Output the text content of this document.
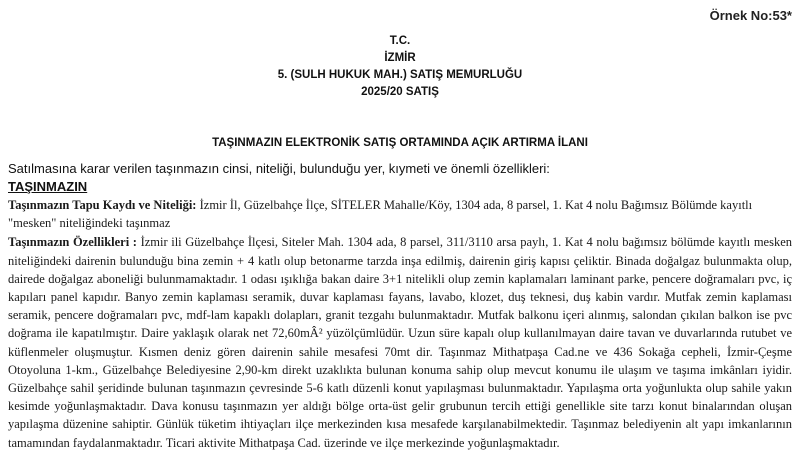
Örnek No:53*
T.C.
İZMİR
5. (SULH HUKUK MAH.) SATIŞ MEMURLUĞU
2025/20 SATIŞ
TAŞINMAZIN ELEKTRONİK SATIŞ ORTAMINDA AÇIK ARTIRMA İLANI
Satılmasına karar verilen taşınmazın cinsi, niteliği, bulunduğu yer, kıymeti ve önemli özellikleri:
TAŞINMAZIN

Taşınmazın Tapu Kaydı ve Niteliği: İzmir İl, Güzelbahçe İlçe, SİTELER Mahalle/Köy, 1304 ada, 8 parsel, 1. Kat 4 nolu Bağımsız Bölümde kayıtlı "mesken" niteliğindeki taşınmaz

Taşınmazın Özellikleri : İzmir ili Güzelbahçe İlçesi, Siteler Mah. 1304 ada, 8 parsel, 311/3110 arsa paylı, 1. Kat 4 nolu bağımsız bölümde kayıtlı mesken niteliğindeki dairenin bulunduğu bina zemin + 4 katlı olup betonarme tarzda inşa edilmiş, dairenin giriş kapısı çeliktir. Binada doğalgaz bulunmakta olup, dairede doğalgaz aboneliği bulunmamaktadır. 1 odası ışıklığa bakan daire 3+1 nitelikli olup zemin kaplamaları laminant parke, pencere doğramaları pvc, iç kapıları panel kapıdır. Banyo zemin kaplaması seramik, duvar kaplaması fayans, lavabo, klozet, duş teknesi, duş kabin vardır. Mutfak zemin kaplaması seramik, pencere doğramaları pvc, mdf-lam kapaklı dolapları, granit tezgahı bulunmaktadır. Mutfak balkonu içeri alınmış, salondan çıkılan balkon ise pvc doğrama ile kapatılmıştır. Daire yaklaşık olarak net 72,60mÂ² yüzölçümlüdür. Uzun süre kapalı olup kullanılmayan daire tavan ve duvarlarında rutubet ve küflenmeler oluşmuştur. Kısmen deniz gören dairenin sahile mesafesi 70mt dir. Taşınmaz Mithatpaşa Cad.ne ve 436 Sokağa cepheli, İzmir-Çeşme Otoyoluna 1-km., Güzelbahçe Belediyesine 2,90-km direkt uzaklıkta bulunan konuma sahip olup mevcut konumu ile ulaşım ve taşıma imkânları iyidir. Güzelbahçe sahil şeridinde bulunan taşınmazın çevresinde 5-6 katlı düzenli konut yapılaşması bulunmaktadır. Yapılaşma orta yoğunlukta olup sahile yakın kesimde yoğunlaşmaktadır. Dava konusu taşınmazın yer aldığı bölge orta-üst gelir grubunun tercih ettiği genellikle site tarzı konut binalarından oluşan yapılaşma düzenine sahiptir. Günlük tüketim ihtiyaçları ilçe merkezinden kısa mesafede karşılanabilmektedir. Taşınmaz belediyenin alt yapı imkanlarının tamamından faydalanmaktadır. Ticari aktivite Mithatpaşa Cad. üzerinde ve ilçe merkezinde yoğunlaşmaktadır.
